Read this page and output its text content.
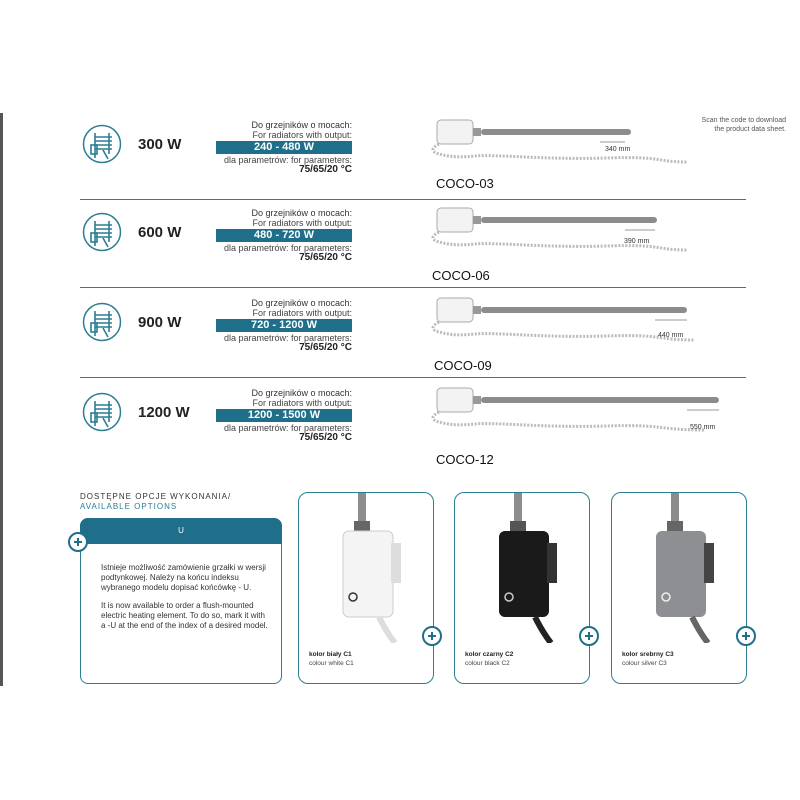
Scan the code to download
the product data sheet.
300 W
Do grzejników o mocach:
For radiators with output:
240 - 480 W
dla parametrów: for parameters:
75/65/20 °C
340 mm
COCO-03
600 W
Do grzejników o mocach:
For radiators with output:
480 - 720 W
dla parametrów: for parameters:
75/65/20 °C
390 mm
COCO-06
900 W
Do grzejników o mocach:
For radiators with output:
720 - 1200 W
dla parametrów: for parameters:
75/65/20 °C
440 mm
COCO-09
1200 W
Do grzejników o mocach:
For radiators with output:
1200 - 1500 W
dla parametrów: for parameters:
75/65/20 °C
550 mm
COCO-12
DOSTĘPNE OPCJE WYKONANIA/
AVAILABLE OPTIONS
U
Istnieje możliwość zamówienie grzałki w wersji podtynkowej. Należy na końcu indeksu wybranego modelu dopisać końcówkę - U.
It is now available to order a flush-mounted electric heating element. To do so, mark it with a -U at the end of the index of a desired model.
kolor biały C1
colour white C1
kolor czarny C2
colour black C2
kolor srebrny C3
colour silver C3
